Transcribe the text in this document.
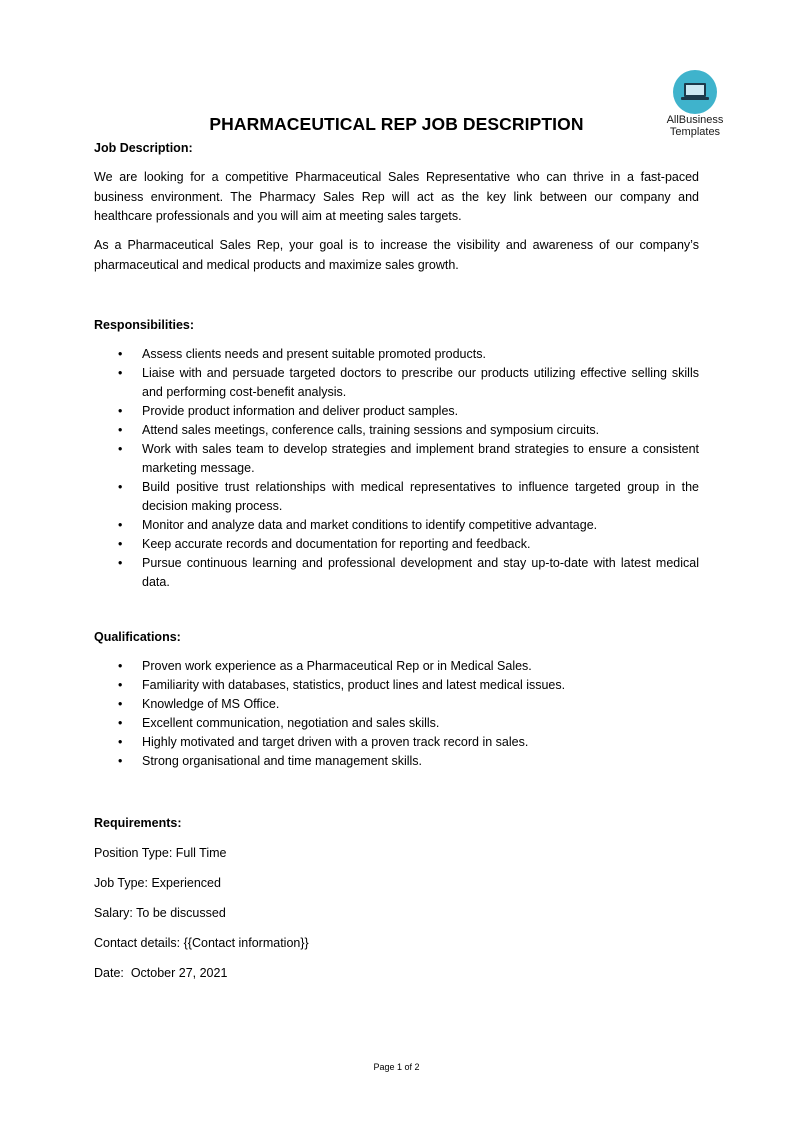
AllBusiness
Templates
PHARMACEUTICAL REP JOB DESCRIPTION
Job Description:
We are looking for a competitive Pharmaceutical Sales Representative who can thrive in a fast-paced business environment. The Pharmacy Sales Rep will act as the key link between our company and healthcare professionals and you will aim at meeting sales targets.
As a Pharmaceutical Sales Rep, your goal is to increase the visibility and awareness of our company’s pharmaceutical and medical products and maximize sales growth.
Responsibilities:
• Assess clients needs and present suitable promoted products.
• Liaise with and persuade targeted doctors to prescribe our products utilizing effective selling skills and performing cost-benefit analysis.
• Provide product information and deliver product samples.
• Attend sales meetings, conference calls, training sessions and symposium circuits.
• Work with sales team to develop strategies and implement brand strategies to ensure a consistent marketing message.
• Build positive trust relationships with medical representatives to influence targeted group in the decision making process.
• Monitor and analyze data and market conditions to identify competitive advantage.
• Keep accurate records and documentation for reporting and feedback.
• Pursue continuous learning and professional development and stay up-to-date with latest medical data.
Qualifications:
• Proven work experience as a Pharmaceutical Rep or in Medical Sales.
• Familiarity with databases, statistics, product lines and latest medical issues.
• Knowledge of MS Office.
• Excellent communication, negotiation and sales skills.
• Highly motivated and target driven with a proven track record in sales.
• Strong organisational and time management skills.
Requirements:
Position Type: Full Time
Job Type: Experienced
Salary: To be discussed
Contact details: {{Contact information}}
Date:  October 27, 2021
Page 1 of 2
